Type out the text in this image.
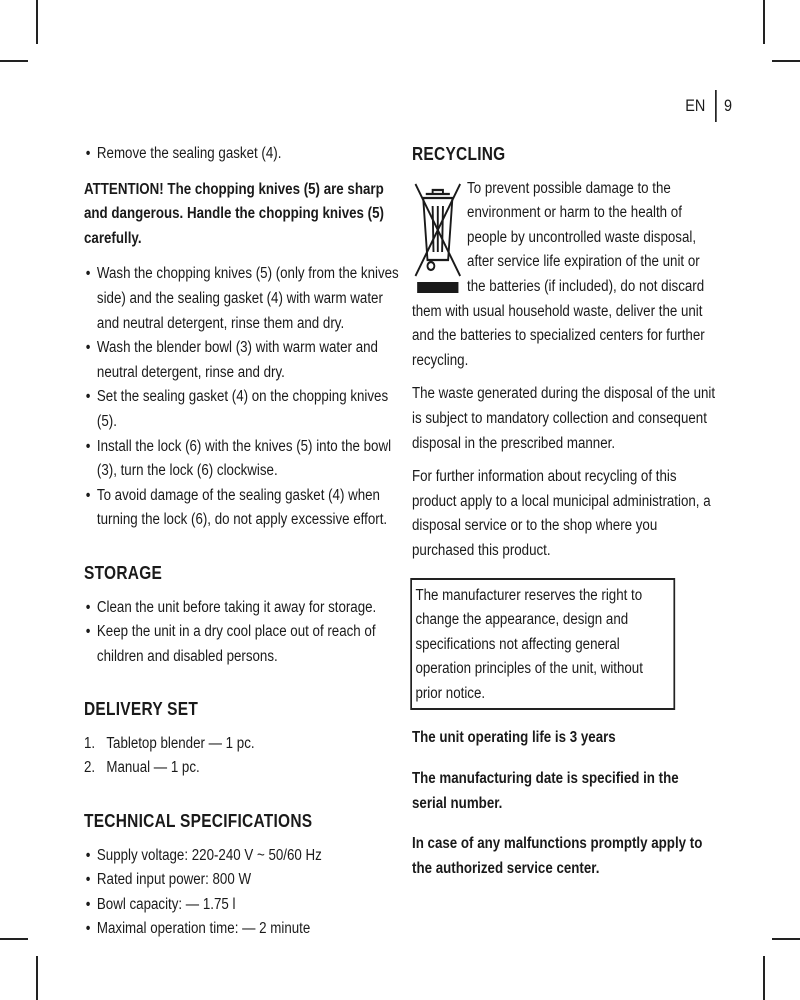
EN 9
• Remove the sealing gasket (4).

ATTENTION! The chopping knives (5) are sharp and dangerous. Handle the chopping knives (5) carefully.

• Wash the chopping knives (5) (only from the knives side) and the sealing gasket (4) with warm water and neutral detergent, rinse them and dry.
• Wash the blender bowl (3) with warm water and neutral detergent, rinse and dry.
• Set the sealing gasket (4) on the chopping knives (5).
• Install the lock (6) with the knives (5) into the bowl (3), turn the lock (6) clockwise.
• To avoid damage of the sealing gasket (4) when turning the lock (6), do not apply excessive effort.
STORAGE
• Clean the unit before taking it away for storage.
• Keep the unit in a dry cool place out of reach of children and disabled persons.
DELIVERY SET
1. Tabletop blender — 1 pc.
2. Manual — 1 pc.
TECHNICAL SPECIFICATIONS
• Supply voltage: 220-240 V ~ 50/60 Hz
• Rated input power: 800 W
• Bowl capacity: — 1.75 l
• Maximal operation time: — 2 minute
RECYCLING

To prevent possible damage to the environment or harm to the health of people by uncontrolled waste disposal, after service life expiration of the unit or the batteries (if included), do not discard them with usual household waste, deliver the unit and the batteries to specialized centers for further recycling.

The waste generated during the disposal of the unit is subject to mandatory collection and consequent disposal in the prescribed manner.

For further information about recycling of this product apply to a local municipal administration, a disposal service or to the shop where you purchased this product.

The manufacturer reserves the right to change the appearance, design and specifications not affecting general operation principles of the unit, without prior notice.

The unit operating life is 3 years

The manufacturing date is specified in the serial number.

In case of any malfunctions promptly apply to the authorized service center.
